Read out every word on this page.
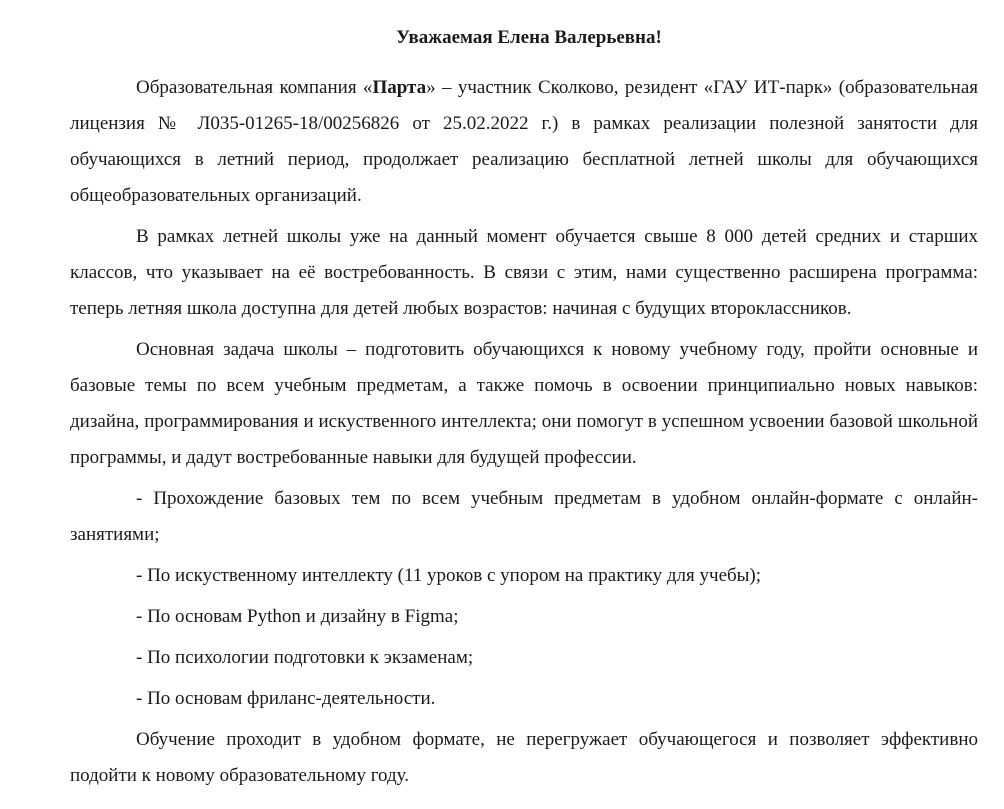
Уважаемая Елена Валерьевна!

Образовательная компания «Парта» – участник Сколково, резидент «ГАУ ИТ-парк» (образовательная лицензия № Л035-01265-18/00256826 от 25.02.2022 г.) в рамках реализации полезной занятости для обучающихся в летний период, продолжает реализацию бесплатной летней школы для обучающихся общеобразовательных организаций.

В рамках летней школы уже на данный момент обучается свыше 8 000 детей средних и старших классов, что указывает на её востребованность. В связи с этим, нами существенно расширена программа: теперь летняя школа доступна для детей любых возрастов: начиная с будущих второклассников.

Основная задача школы – подготовить обучающихся к новому учебному году, пройти основные и базовые темы по всем учебным предметам, а также помочь в освоении принципиально новых навыков: дизайна, программирования и искуственного интеллекта; они помогут в успешном усвоении базовой школьной программы, и дадут востребованные навыки для будущей профессии.

- Прохождение базовых тем по всем учебным предметам в удобном онлайн-формате с онлайн-занятиями;
- По искуственному интеллекту (11 уроков с упором на практику для учебы);
- По основам Python и дизайну в Figma;
- По психологии подготовки к экзаменам;
- По основам фриланс-деятельности.

Обучение проходит в удобном формате, не перегружает обучающегося и позволяет эффективно подойти к новому образовательному году.
